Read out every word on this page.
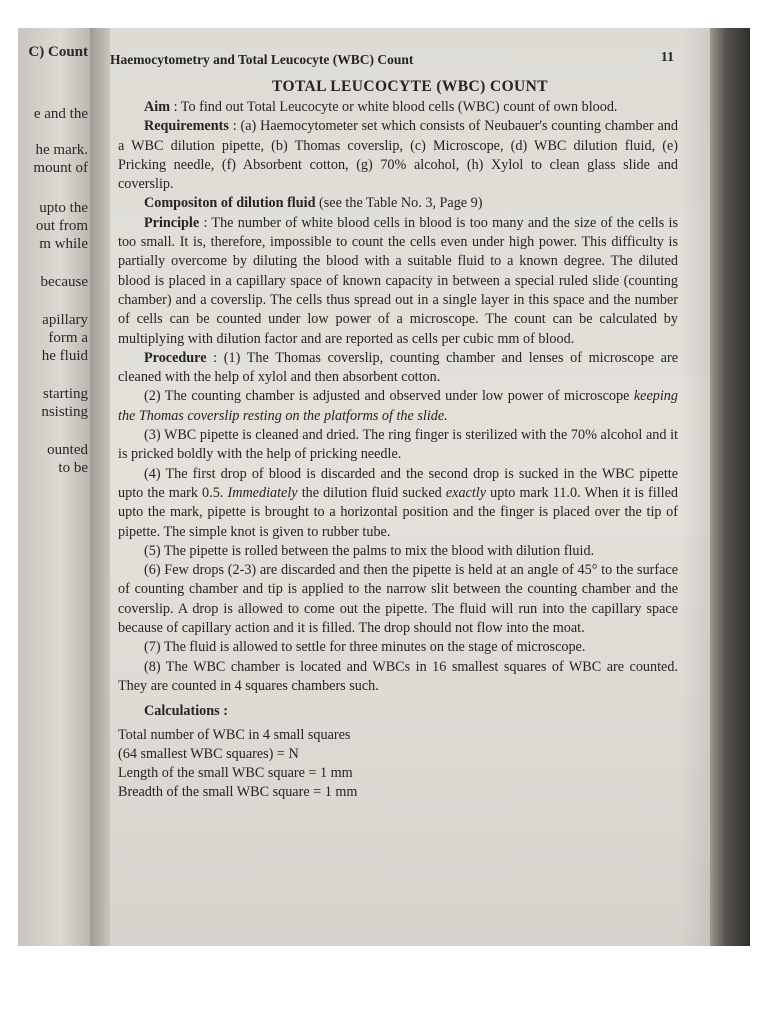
C) Count
e and the
he mark.
mount of
upto the
out from
m while
because
apillary
form a
he fluid
starting
nsisting
ounted
to be
Haemocytometry and Total Leucocyte (WBC) Count	11
TOTAL LEUCOCYTE (WBC) COUNT

Aim : To find out Total Leucocyte or white blood cells (WBC) count of own blood.

Requirements : (a) Haemocytometer set which consists of Neubauer's counting chamber and a WBC dilution pipette, (b) Thomas coverslip, (c) Microscope, (d) WBC dilution fluid, (e) Pricking needle, (f) Absorbent cotton, (g) 70% alcohol, (h) Xylol to clean glass slide and coverslip.

Compositon of dilution fluid (see the Table No. 3, Page 9)

Principle : The number of white blood cells in blood is too many and the size of the cells is too small. It is, therefore, impossible to count the cells even under high power. This difficulty is partially overcome by diluting the blood with a suitable fluid to a known degree. The diluted blood is placed in a capillary space of known capacity in between a special ruled slide (counting chamber) and a coverslip. The cells thus spread out in a single layer in this space and the number of cells can be counted under low power of a microscope. The count can be calculated by multiplying with dilution factor and are reported as cells per cubic mm of blood.

Procedure : (1) The Thomas coverslip, counting chamber and lenses of microscope are cleaned with the help of xylol and then absorbent cotton.

(2) The counting chamber is adjusted and observed under low power of microscope keeping the Thomas coverslip resting on the platforms of the slide.

(3) WBC pipette is cleaned and dried. The ring finger is sterilized with the 70% alcohol and it is pricked boldly with the help of pricking needle.

(4) The first drop of blood is discarded and the second drop is sucked in the WBC pipette upto the mark 0.5. Immediately the dilution fluid sucked exactly upto mark 11.0. When it is filled upto the mark, pipette is brought to a horizontal position and the finger is placed over the tip of pipette. The simple knot is given to rubber tube.

(5) The pipette is rolled between the palms to mix the blood with dilution fluid.

(6) Few drops (2-3) are discarded and then the pipette is held at an angle of 45° to the surface of counting chamber and tip is applied to the narrow slit between the counting chamber and the coverslip. A drop is allowed to come out the pipette. The fluid will run into the capillary space because of capillary action and it is filled. The drop should not flow into the moat.

(7) The fluid is allowed to settle for three minutes on the stage of microscope.

(8) The WBC chamber is located and WBCs in 16 smallest squares of WBC are counted. They are counted in 4 squares chambers such.

Calculations :
Total number of WBC in 4 small squares
(64 smallest WBC squares) = N
Length of the small WBC square = 1 mm
Breadth of the small WBC square = 1 mm
